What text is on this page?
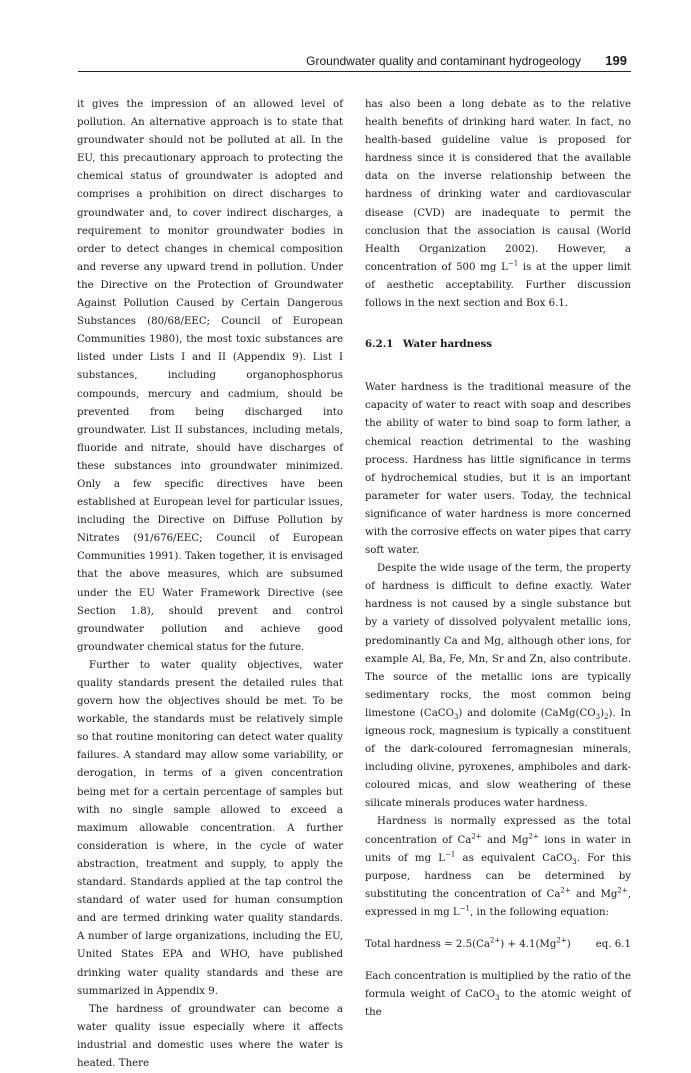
Groundwater quality and contaminant hydrogeology 199

it gives the impression of an allowed level of pollution. An alternative approach is to state that groundwater should not be polluted at all. In the EU, this precautionary approach to protecting the chemical status of groundwater is adopted and comprises a prohibition on direct discharges to groundwater and, to cover indirect discharges, a requirement to monitor groundwater bodies in order to detect changes in chemical composition and reverse any upward trend in pollution. Under the Directive on the Protection of Groundwater Against Pollution Caused by Certain Dangerous Substances (80/68/EEC; Council of European Communities 1980), the most toxic substances are listed under Lists I and II (Appendix 9). List I substances, including organophosphorus compounds, mercury and cadmium, should be prevented from being discharged into groundwater. List II substances, including metals, fluoride and nitrate, should have discharges of these substances into groundwater minimized. Only a few specific directives have been established at European level for particular issues, including the Directive on Diffuse Pollution by Nitrates (91/676/EEC; Council of European Communities 1991). Taken together, it is envisaged that the above measures, which are subsumed under the EU Water Framework Directive (see Section 1.8), should prevent and control groundwater pollution and achieve good groundwater chemical status for the future.

Further to water quality objectives, water quality standards present the detailed rules that govern how the objectives should be met. To be workable, the standards must be relatively simple so that routine monitoring can detect water quality failures. A standard may allow some variability, or derogation, in terms of a given concentration being met for a certain percentage of samples but with no single sample allowed to exceed a maximum allowable concentration. A further consideration is where, in the cycle of water abstraction, treatment and supply, to apply the standard. Standards applied at the tap control the standard of water used for human consumption and are termed drinking water quality standards. A number of large organizations, including the EU, United States EPA and WHO, have published drinking water quality standards and these are summarized in Appendix 9.

The hardness of groundwater can become a water quality issue especially where it affects industrial and domestic uses where the water is heated. There

has also been a long debate as to the relative health benefits of drinking hard water. In fact, no health-based guideline value is proposed for hardness since it is considered that the available data on the inverse relationship between the hardness of drinking water and cardiovascular disease (CVD) are inadequate to permit the conclusion that the association is causal (World Health Organization 2002). However, a concentration of 500 mg $L^{-1}$ is at the upper limit of aesthetic acceptability. Further discussion follows in the next section and Box 6.1.

6.2.1 Water hardness

Water hardness is the traditional measure of the capacity of water to react with soap and describes the ability of water to bind soap to form lather, a chemical reaction detrimental to the washing process. Hardness has little significance in terms of hydrochemical studies, but it is an important parameter for water users. Today, the technical significance of water hardness is more concerned with the corrosive effects on water pipes that carry soft water.

Despite the wide usage of the term, the property of hardness is difficult to define exactly. Water hardness is not caused by a single substance but by a variety of dissolved polyvalent metallic ions, predominantly Ca and Mg, although other ions, for example Al, Ba, Fe, Mn, Sr and Zn, also contribute. The source of the metallic ions are typically sedimentary rocks, the most common being limestone (CaCO$_3$) and dolomite $(CaMg(CO_3)_2)$. In igneous rock, magnesium is typically a constituent of the dark-coloured ferromagnesian minerals, including olivine, pyroxenes, amphiboles and dark-coloured micas, and slow weathering of these silicate minerals produces water hardness.

Hardness is normally expressed as the total concentration of $Ca^{2+}$ and $Mg^{2+}$ ions in water in units of mg $L^{-1}$ as equivalent CaCO$_3$. For this purpose, hardness can be determined by substituting the concentration of $Ca^{2+}$ and $Mg^{2+}$, expressed in mg $L^{-1}$, in the following equation:

Total hardness = $2.5(Ca^{2+}) + 4.1(Mg^{2+})$ eq. 6.1

Each concentration is multiplied by the ratio of the formula weight of CaCO$_3$ to the atomic weight of the
